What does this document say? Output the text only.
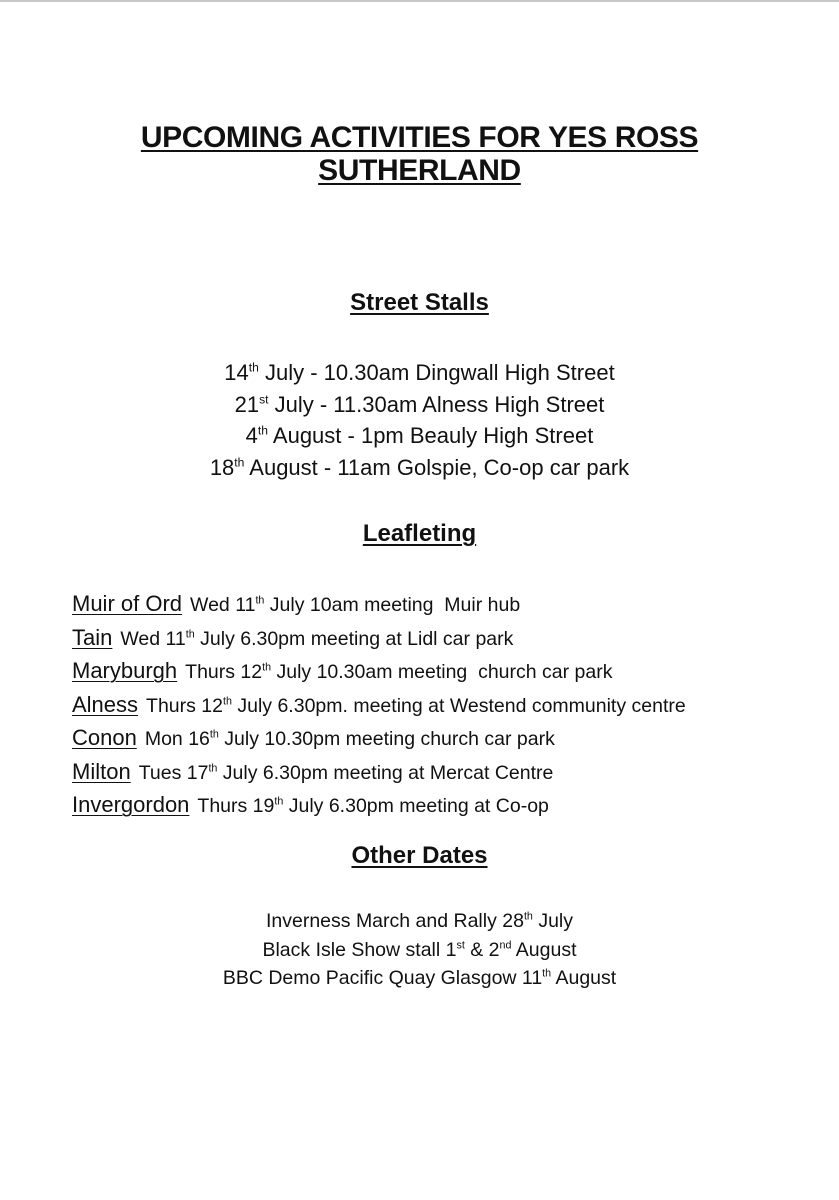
UPCOMING ACTIVITIES FOR YES ROSS SUTHERLAND
Street Stalls
14th July - 10.30am Dingwall High Street
21st July - 11.30am Alness High Street
4th August - 1pm Beauly High Street
18th August - 11am Golspie, Co-op car park
Leafleting
Muir of Ord Wed 11th July 10am meeting  Muir hub
Tain Wed 11th July 6.30pm meeting at Lidl car park
Maryburgh Thurs 12th July 10.30am meeting  church car park
Alness Thurs 12th July 6.30pm. meeting at Westend community centre
Conon Mon 16th July 10.30pm meeting church car park
Milton Tues 17th July 6.30pm meeting at Mercat Centre
Invergordon Thurs 19th July 6.30pm meeting at Co-op
Other Dates
Inverness March and Rally 28th July
Black Isle Show stall 1st & 2nd August
BBC Demo Pacific Quay Glasgow 11th August
